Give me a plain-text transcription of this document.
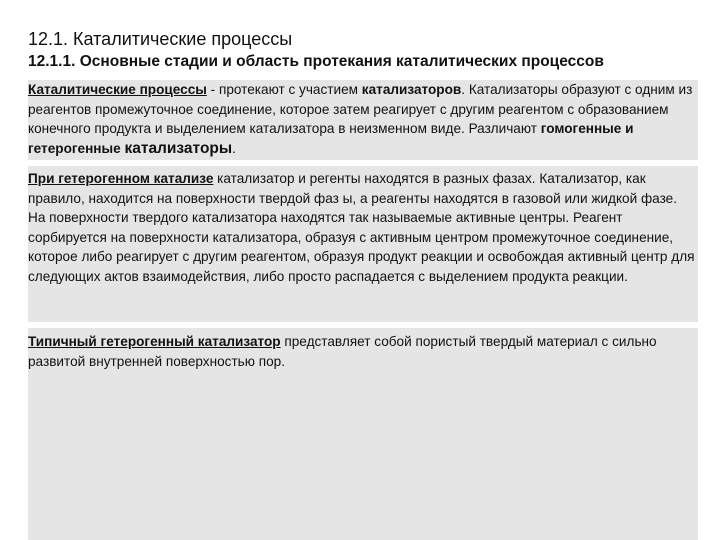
12.1. Каталитические процессы
12.1.1. Основные стадии и область протекания каталитических процессов

Каталитические процессы - протекают с участием катализаторов. Катализаторы образуют с одним из реагентов промежуточное соединение, которое затем реагирует с другим реагентом с образованием конечного продукта и выделением катализатора в неизменном виде. Различают гомогенные и гетерогенные катализаторы.

При гетерогенном катализе катализатор и регенты находятся в разных фазах. Катализатор, как правило, находится на поверхности твердой фаз ы, а реагенты находятся в газовой или жидкой фазе. На поверхности твердого катализатора находятся так называемые активные центры. Реагент сорбируется на поверхности катализатора, образуя с активным центром промежуточное соединение, которое либо реагирует с другим реагентом, образуя продукт реакции и освобождая активный центр для следующих актов взаимодействия, либо просто распадается с выделением продукта реакции.

Типичный гетерогенный катализатор представляет собой пористый твердый материал с сильно развитой внутренней поверхностью пор.
